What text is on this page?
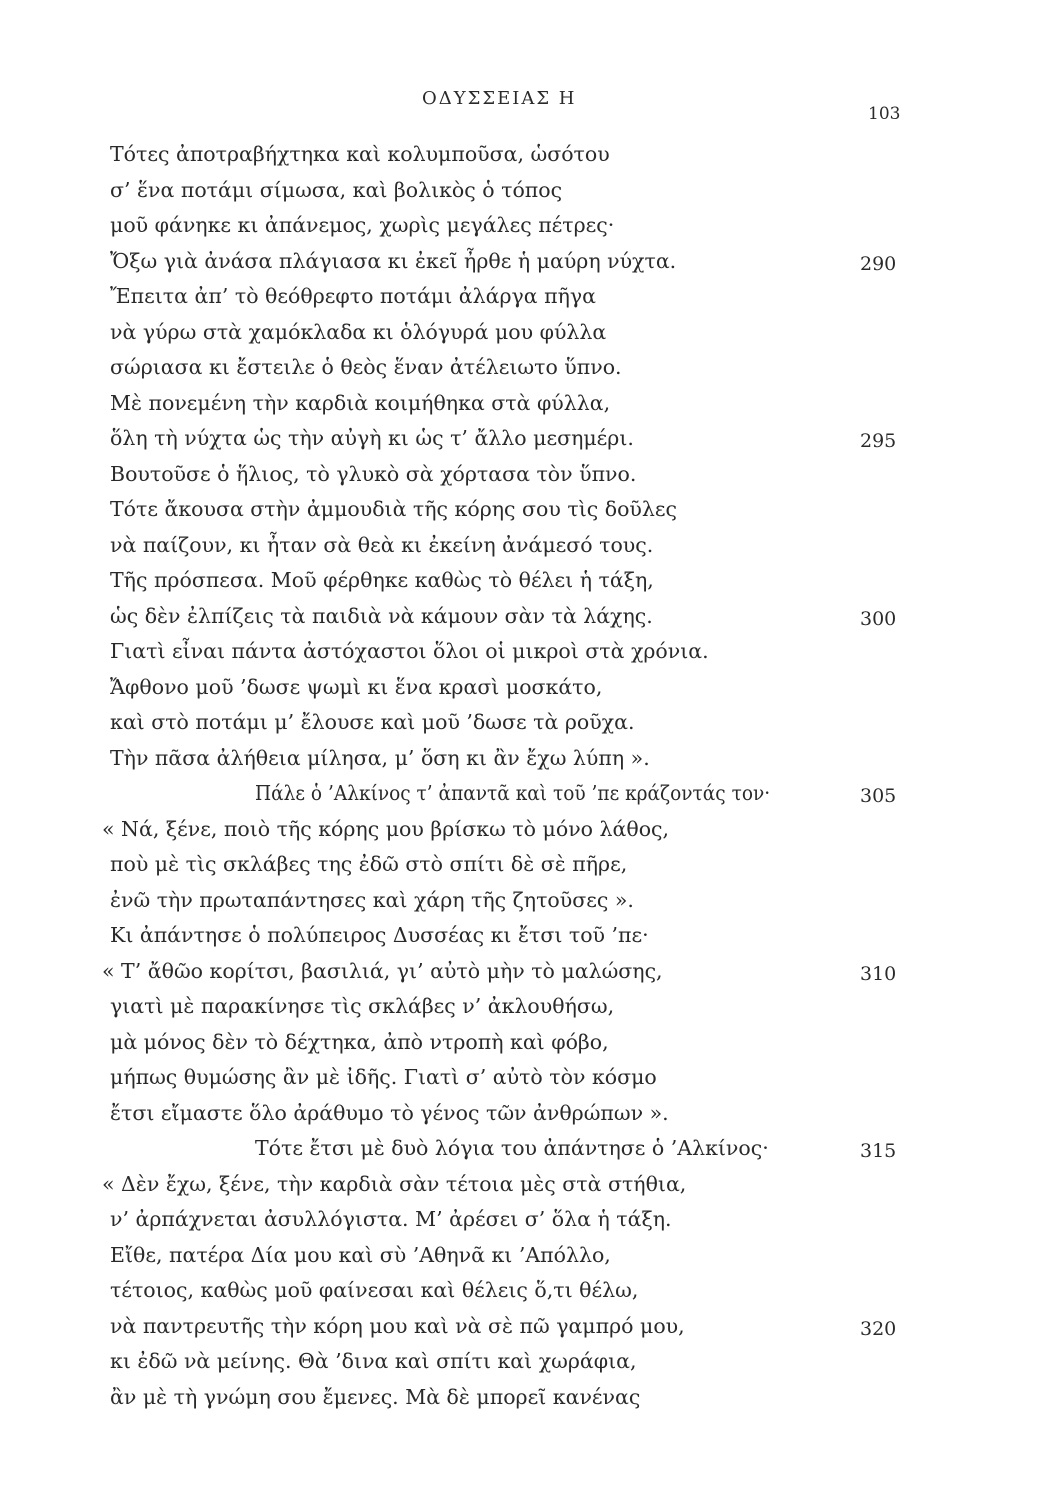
ΟΔΥΣΣΕΙΑΣ Η
103
Τότες ἀποτραβήχτηκα καὶ κολυμποῦσα, ὡσότου
σ’ ἕνα ποτάμι σίμωσα, καὶ βολικὸς ὁ τόπος
μοῦ φάνηκε κι ἀπάνεμος, χωρὶς μεγάλες πέτρες·
Ὄξω γιὰ ἀνάσα πλάγιασα κι ἐκεῖ ἦρθε ἡ μαύρη νύχτα.	290
Ἔπειτα ἀπ’ τὸ θεόθρεφτο ποτάμι ἀλάργα πῆγα
νὰ γύρω στὰ χαμόκλαδα κι ὁλόγυρά μου φύλλα
σώριασα κι ἔστειλε ὁ θεὸς ἕναν ἀτέλειωτο ὕπνο.
Μὲ πονεμένη τὴν καρδιὰ κοιμήθηκα στὰ φύλλα,
ὅλη τὴ νύχτα ὡς τὴν αὐγὴ κι ὡς τ’ ἄλλο μεσημέρι.	295
Βουτοῦσε ὁ ἥλιος, τὸ γλυκὸ σὰ χόρτασα τὸν ὕπνο.
Τότε ἄκουσα στὴν ἀμμουδιὰ τῆς κόρης σου τὶς δοῦλες
νὰ παίζουν, κι ἦταν σὰ θεὰ κι ἐκείνη ἀνάμεσό τους.
Τῆς πρόσπεσα. Μοῦ φέρθηκε καθὼς τὸ θέλει ἡ τάξη,
ὡς δὲν ἐλπίζεις τὰ παιδιὰ νὰ κάμουν σὰν τὰ λάχης.	300
Γιατὶ εἶναι πάντα ἀστόχαστοι ὅλοι οἱ μικροὶ στὰ χρόνια.
Ἄφθονο μοῦ ’δωσε ψωμὶ κι ἕνα κρασὶ μοσκάτο,
καὶ στὸ ποτάμι μ’ ἔλουσε καὶ μοῦ ’δωσε τὰ ροῦχα.
Τὴν πᾶσα ἀλήθεια μίλησα, μ’ ὅση κι ἂν ἔχω λύπη ».
Πάλε ὁ ’Αλκίνος τ’ ἀπαντᾶ καὶ τοῦ ’πε κράζοντάς τον·	305
« Νά, ξένε, ποιὸ τῆς κόρης μου βρίσκω τὸ μόνο λάθος,
ποὺ μὲ τὶς σκλάβες της ἐδῶ στὸ σπίτι δὲ σὲ πῆρε,
ἐνῶ τὴν πρωταπάντησες καὶ χάρη τῆς ζητοῦσες ».
Κι ἀπάντησε ὁ πολύπειρος Δυσσέας κι ἔτσι τοῦ ’πε·
« Τ’ ἄθῶο κορίτσι, βασιλιά, γι’ αὐτὸ μὴν τὸ μαλώσης,	310
γιατὶ μὲ παρακίνησε τὶς σκλάβες ν’ ἀκλουθήσω,
μὰ μόνος δὲν τὸ δέχτηκα, ἀπὸ ντροπὴ καὶ φόβο,
μήπως θυμώσης ἂν μὲ ἰδῆς. Γιατὶ σ’ αὐτὸ τὸν κόσμο
ἔτσι εἴμαστε ὅλο ἀράθυμο τὸ γένος τῶν ἀνθρώπων ».
Τότε ἔτσι μὲ δυὸ λόγια του ἀπάντησε ὁ ’Αλκίνος·	315
« Δὲν ἔχω, ξένε, τὴν καρδιὰ σὰν τέτοια μὲς στὰ στήθια,
ν’ ἀρπάχνεται ἀσυλλόγιστα. Μ’ ἀρέσει σ’ ὅλα ἡ τάξη.
Εἴθε, πατέρα Δία μου καὶ σὺ ’Αθηνᾶ κι ’Απόλλο,
τέτοιος, καθὼς μοῦ φαίνεσαι καὶ θέλεις ὅ,τι θέλω,
νὰ παντρευτῆς τὴν κόρη μου καὶ νὰ σὲ πῶ γαμπρό μου,	320
κι ἐδῶ νὰ μείνης. Θὰ ’δινα καὶ σπίτι καὶ χωράφια,
ἂν μὲ τὴ γνώμη σου ἔμενες. Μὰ δὲ μπορεῖ κανένας
